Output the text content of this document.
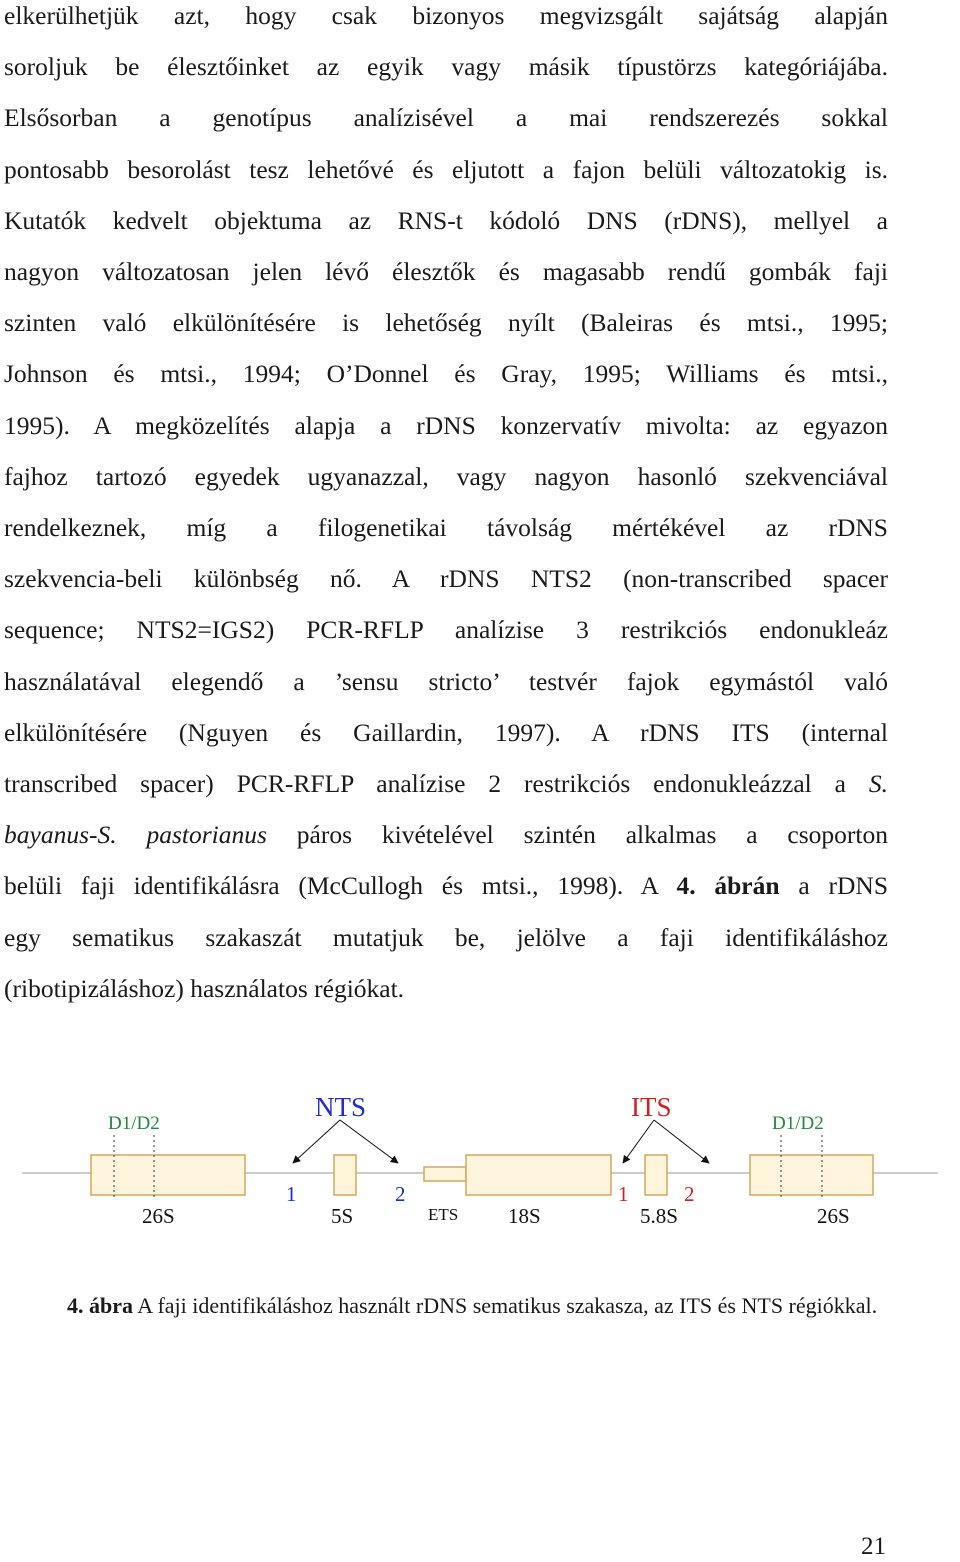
elkerülhetjük azt, hogy csak bizonyos megvizsgált sajátság alapján
soroljuk be élesztőinket az egyik vagy másik típustörzs kategóriájába.
Elsősorban a genotípus analízisével a mai rendszerezés sokkal
pontosabb besorolást tesz lehetővé és eljutott a fajon belüli változatokig is.
Kutatók kedvelt objektuma az RNS-t kódoló DNS (rDNS), mellyel a
nagyon változatosan jelen lévő élesztők és magasabb rendű gombák faji
szinten való elkülönítésére is lehetőség nyílt (Baleiras és mtsi., 1995;
Johnson és mtsi., 1994; O’Donnel és Gray, 1995; Williams és mtsi.,
1995). A megközelítés alapja a rDNS konzervatív mivolta: az egyazon
fajhoz tartozó egyedek ugyanazzal, vagy nagyon hasonló szekvenciával
rendelkeznek, míg a filogenetikai távolság mértékével az rDNS
szekvencia-beli különbség nő. A rDNS NTS2 (non-transcribed spacer
sequence; NTS2=IGS2) PCR-RFLP analízise 3 restrikciós endonukleáz
használatával elegendő a ’sensu stricto’ testvér fajok egymástól való
elkülönítésére (Nguyen és Gaillardin, 1997). A rDNS ITS (internal
transcribed spacer) PCR-RFLP analízise 2 restrikciós endonukleázzal a S.
bayanus-S. pastorianus páros kivételével szintén alkalmas a csoporton
belüli faji identifikálásra (McCullogh és mtsi., 1998). A 4. ábrán a rDNS
egy sematikus szakaszát mutatjuk be, jelölve a faji identifikáláshoz
(ribotipizáláshoz) használatos régiókat.
D1/D2	D1/D2
NTS	ITS
1	2	1	2
26S	5S	ETS 18S	5.8S	26S

4. ábra A faji identifikáláshoz használt rDNS sematikus szakasza, az ITS és NTS régiókkal.

21
